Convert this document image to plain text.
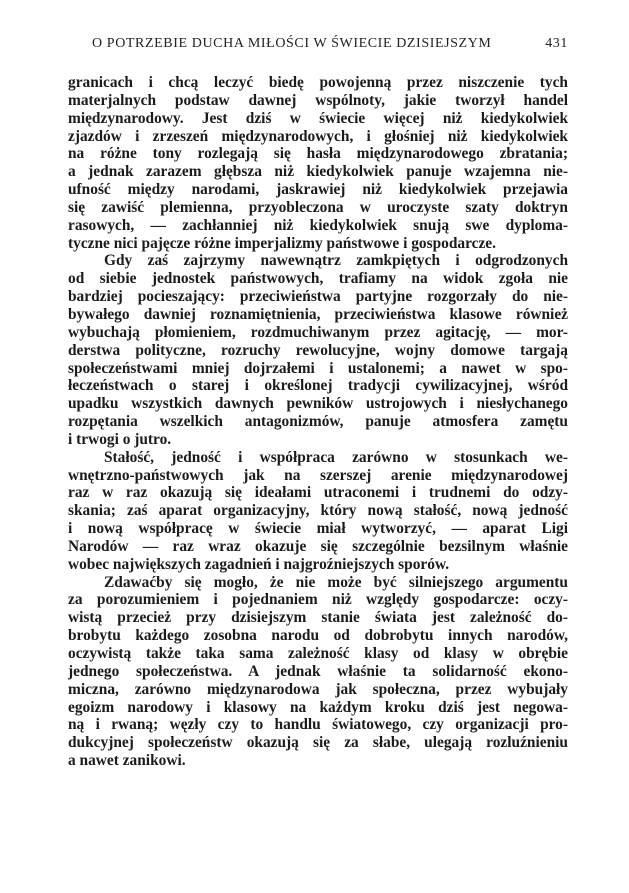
O POTRZEBIE DUCHA MIŁOŚCI W ŚWIECIE DZISIEJSZYM	431
granicach i chcą leczyć biedę powojenną przez niszczenie tych
materjalnych podstaw dawnej wspólnoty, jakie tworzył handel
międzynarodowy. Jest dziś w świecie więcej niż kiedykolwiek
zjazdów i zrzeszeń międzynarodowych, i głośniej niż kiedykolwiek
na różne tony rozlegają się hasła międzynarodowego zbratania;
a jednak zarazem głębsza niż kiedykolwiek panuje wzajemna nie-
ufność między narodami, jaskrawiej niż kiedykolwiek przejawia
się zawiść plemienna, przyobleczona w uroczyste szaty doktryn
rasowych, — zachłanniej niż kiedykolwiek snują swe dyploma-
tyczne nici pajęcze różne imperjalizmy państwowe i gospodarcze.
Gdy zaś zajrzymy nawewnątrz zamkpiętych i odgrodzonych
od siebie jednostek państwowych, trafiamy na widok zgoła nie
bardziej pocieszający: przeciwieństwa partyjne rozgorzały do nie-
bywałego dawniej roznamiętnienia, przeciwieństwa klasowe również
wybuchają płomieniem, rozdmuchiwanym przez agitację, — mor-
derstwa polityczne, rozruchy rewolucyjne, wojny domowe targają
społeczeństwami mniej dojrzałemi i ustalonemi; a nawet w spo-
łeczeństwach o starej i określonej tradycji cywilizacyjnej, wśród
upadku wszystkich dawnych pewników ustrojowych i niesłychanego
rozpętania wszelkich antagonizmów, panuje atmosfera zamętu
i trwogi o jutro.
Stałość, jedność i współpraca zarówno w stosunkach we-
wnętrzno-państwowych jak na szerszej arenie międzynarodowej
raz w raz okazują się ideałami utraconemi i trudnemi do odzy-
skania; zaś aparat organizacyjny, który nową stałość, nową jedność
i nową współpracę w świecie miał wytworzyć, — aparat Ligi
Narodów — raz wraz okazuje się szczególnie bezsilnym właśnie
wobec największych zagadnień i najgroźniejszych sporów.
Zdawaćby się mogło, że nie może być silniejszego argumentu
za porozumieniem i pojednaniem niż względy gospodarcze: oczy-
wistą przecież przy dzisiejszym stanie świata jest zależność do-
brobytu każdego zosobna narodu od dobrobytu innych narodów,
oczywistą także taka sama zależność klasy od klasy w obrębie
jednego społeczeństwa. A jednak właśnie ta solidarność ekono-
miczna, zarówno międzynarodowa jak społeczna, przez wybujały
egoizm narodowy i klasowy na każdym kroku dziś jest negowa-
ną i rwaną; węzły czy to handlu światowego, czy organizacji pro-
dukcyjnej społeczeństw okazują się za słabe, ulegają rozluźnieniu
a nawet zanikowi.
